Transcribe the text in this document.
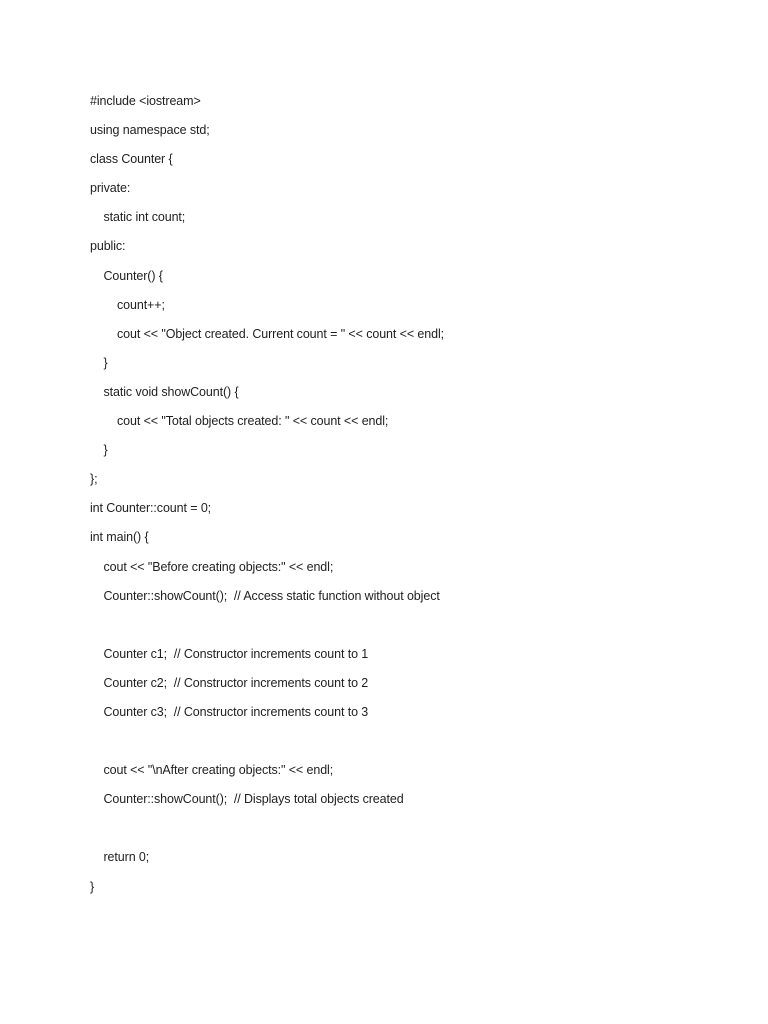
#include <iostream>
using namespace std;
class Counter {
private:
static int count;
public:
Counter() {
count++;
cout << "Object created. Current count = " << count << endl;
}
static void showCount() {
cout << "Total objects created: " << count << endl;
}
};
int Counter::count = 0;
int main() {
cout << "Before creating objects:" << endl;
Counter::showCount();  // Access static function without object
Counter c1;  // Constructor increments count to 1
Counter c2;  // Constructor increments count to 2
Counter c3;  // Constructor increments count to 3
cout << "\nAfter creating objects:" << endl;
Counter::showCount();  // Displays total objects created
return 0;
}
